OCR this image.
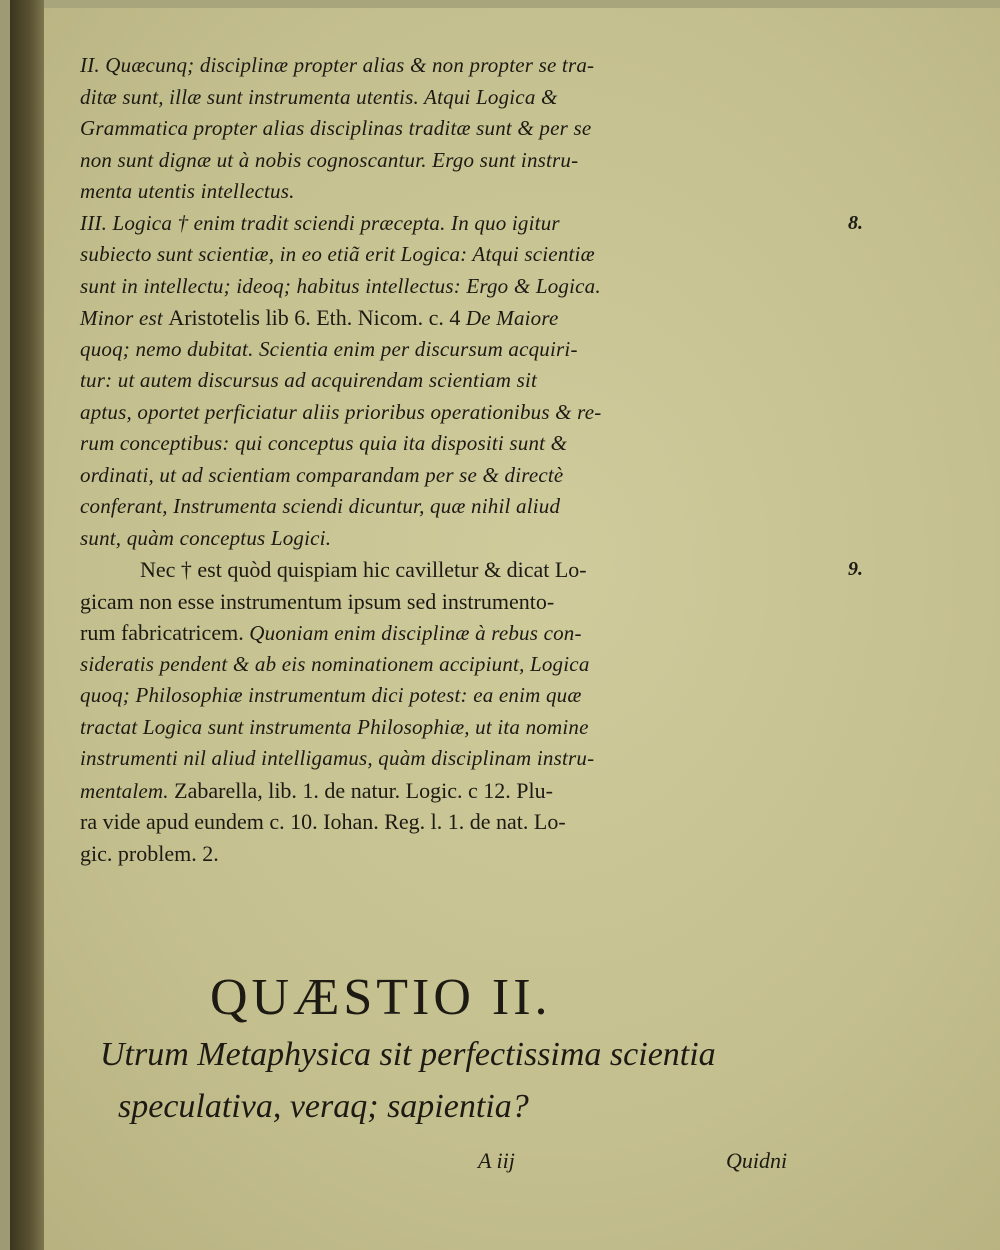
II. Quæcunq; disciplinæ propter alias & non propter se tra-
ditæ sunt, illæ sunt instrumenta utentis. Atqui Logica &
Grammatica propter alias disciplinas traditæ sunt & per se
non sunt dignæ ut à nobis cognoscantur. Ergo sunt instru-
menta utentis intellectus.
III. Logica † enim tradit sciendi præcepta. In quo igitur
subiecto sunt scientiæ, in eo etiã erit Logica: Atqui scientiæ
sunt in intellectu; ideoq; habitus intellectus: Ergo & Logica.
Minor est Aristotelis lib 6. Eth. Nicom. c. 4 De Maiore
quoq; nemo dubitat. Scientia enim per discursum acquiri-
tur: ut autem discursus ad acquirendam scientiam sit
aptus, oportet perficiatur aliis prioribus operationibus & re-
rum conceptibus: qui conceptus quia ita dispositi sunt &
ordinati, ut ad scientiam comparandam per se & directè
conferant, Instrumenta sciendi dicuntur, quæ nihil aliud
sunt, quàm conceptus Logici.
Nec † est quòd quispiam hic cavilletur & dicat Lo-
gicam non esse instrumentum ipsum sed instrumento-
rum fabricatricem. Quoniam enim disciplinæ à rebus con-
sideratis pendent & ab eis nominationem accipiunt, Logica
quoq; Philosophiæ instrumentum dici potest: ea enim quæ
tractat Logica sunt instrumenta Philosophiæ, ut ita nomine
instrumenti nil aliud intelligamus, quàm disciplinam instru-
mentalem. Zabarella, lib. 1. de natur. Logic. c 12. Plu-
ra vide apud eundem c. 10. Iohan. Reg. l. 1. de nat. Lo-
gic. problem. 2.
8.
9.
QUÆSTIO II.
Utrum Metaphysica sit perfectissima scientia
speculativa, veraq; sapientia?
A iij	Quidni
